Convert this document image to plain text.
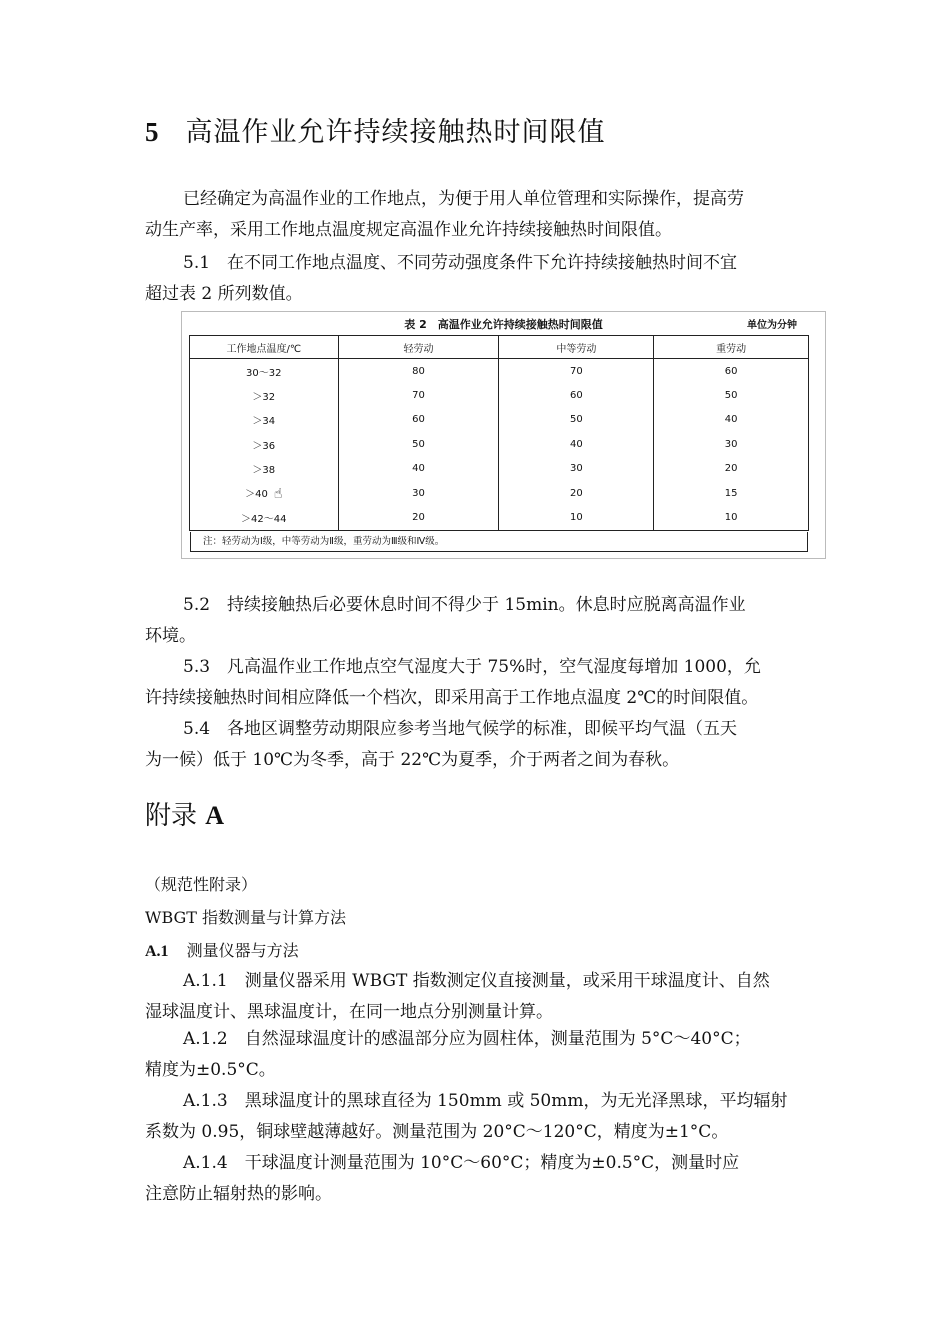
5 高温作业允许持续接触热时间限值
已经确定为高温作业的工作地点，为便于用人单位管理和实际操作，提高劳
动生产率，采用工作地点温度规定高温作业允许持续接触热时间限值。
5.1　在不同工作地点温度、不同劳动强度条件下允许持续接触热时间不宜
超过表 2 所列数值。
表 2　高温作业允许持续接触热时间限值	单位为分钟
工作地点温度/℃	轻劳动	中等劳动	重劳动
30～32	80	70	60
＞32	70	60	50
＞34	60	50	40
＞36	50	40	30
＞38	40	30	20
＞40 ☝	30	20	15
＞42～44	20	10	10
注：轻劳动为Ⅰ级，中等劳动为Ⅱ级，重劳动为Ⅲ级和Ⅳ级。
5.2　持续接触热后必要休息时间不得少于 15min。休息时应脱离高温作业
环境。
5.3　凡高温作业工作地点空气湿度大于 75%时，空气湿度每增加 1000，允
许持续接触热时间相应降低一个档次，即采用高于工作地点温度 2℃的时间限值。
5.4　各地区调整劳动期限应参考当地气候学的标准，即候平均气温（五天
为一候）低于 10℃为冬季，高于 22℃为夏季，介于两者之间为春秋。
附录 A
（规范性附录）
WBGT 指数测量与计算方法
A.1 测量仪器与方法
A.1.1　测量仪器采用 WBGT 指数测定仪直接测量，或采用干球温度计、自然
湿球温度计、黑球温度计，在同一地点分别测量计算。
A.1.2　自然湿球温度计的感温部分应为圆柱体，测量范围为 5°C～40°C；
精度为±0.5°C。
A.1.3　黑球温度计的黑球直径为 150mm 或 50mm，为无光泽黑球，平均辐射
系数为 0.95，铜球壁越薄越好。测量范围为 20°C～120°C，精度为±1°C。
A.1.4　干球温度计测量范围为 10°C～60°C；精度为±0.5°C，测量时应
注意防止辐射热的影响。
